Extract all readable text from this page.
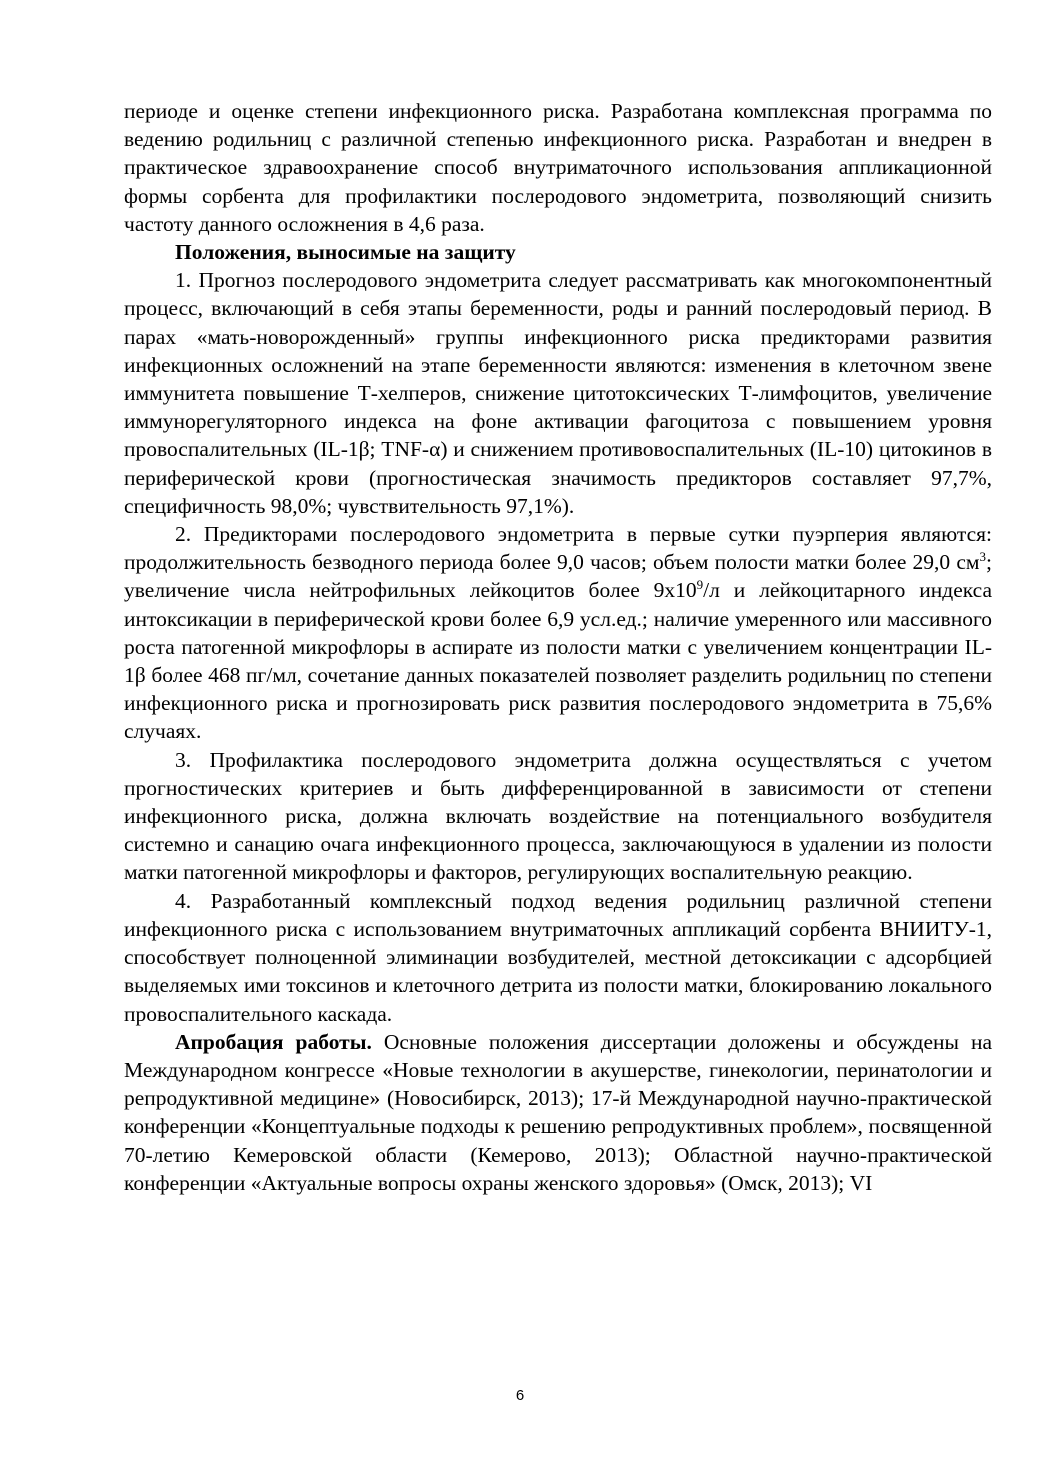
периоде и оценке степени инфекционного риска. Разработана комплексная программа по ведению родильниц с различной степенью инфекционного риска. Разработан и внедрен в практическое здравоохранение способ внутриматочного использования аппликационной формы сорбента для профилактики послеродового эндометрита, позволяющий снизить частоту данного осложнения в 4,6 раза.

Положения, выносимые на защиту

1. Прогноз послеродового эндометрита следует рассматривать как многокомпонентный процесс, включающий в себя этапы беременности, роды и ранний послеродовый период. В парах «мать-новорожденный» группы инфекционного риска предикторами развития инфекционных осложнений на этапе беременности являются: изменения в клеточном звене иммунитета повышение Т-хелперов, снижение цитотоксических Т-лимфоцитов, увеличение иммунорегуляторного индекса на фоне активации фагоцитоза с повышением уровня провоспалительных (IL-1β; TNF-α) и снижением противовоспалительных (IL-10) цитокинов в периферической крови (прогностическая значимость предикторов составляет 97,7%, специфичность 98,0%; чувствительность 97,1%).

2. Предикторами послеродового эндометрита в первые сутки пуэрперия являются: продолжительность безводного периода более 9,0 часов; объем полости матки более 29,0 $см^3$; увеличение числа нейтрофильных лейкоцитов более $9х10^9/л$ и лейкоцитарного индекса интоксикации в периферической крови более 6,9 усл.ед.; наличие умеренного или массивного роста патогенной микрофлоры в аспирате из полости матки с увеличением концентрации IL-1β более 468 пг/мл, сочетание данных показателей позволяет разделить родильниц по степени инфекционного риска и прогнозировать риск развития послеродового эндометрита в 75,6% случаях.

3. Профилактика послеродового эндометрита должна осуществляться с учетом прогностических критериев и быть дифференцированной в зависимости от степени инфекционного риска, должна включать воздействие на потенциального возбудителя системно и санацию очага инфекционного процесса, заключающуюся в удалении из полости матки патогенной микрофлоры и факторов, регулирующих воспалительную реакцию.

4. Разработанный комплексный подход ведения родильниц различной степени инфекционного риска с использованием внутриматочных аппликаций сорбента ВНИИТУ-1, способствует полноценной элиминации возбудителей, местной детоксикации с адсорбцией выделяемых ими токсинов и клеточного детрита из полости матки, блокированию локального провоспалительного каскада.

Апробация работы. Основные положения диссертации доложены и обсуждены на Международном конгрессе «Новые технологии в акушерстве, гинекологии, перинатологии и репродуктивной медицине» (Новосибирск, 2013); 17-й Международной научно-практической конференции «Концептуальные подходы к решению репродуктивных проблем», посвященной 70-летию Кемеровской области (Кемерово, 2013); Областной научно-практической конференции «Актуальные вопросы охраны женского здоровья» (Омск, 2013); VI

6
